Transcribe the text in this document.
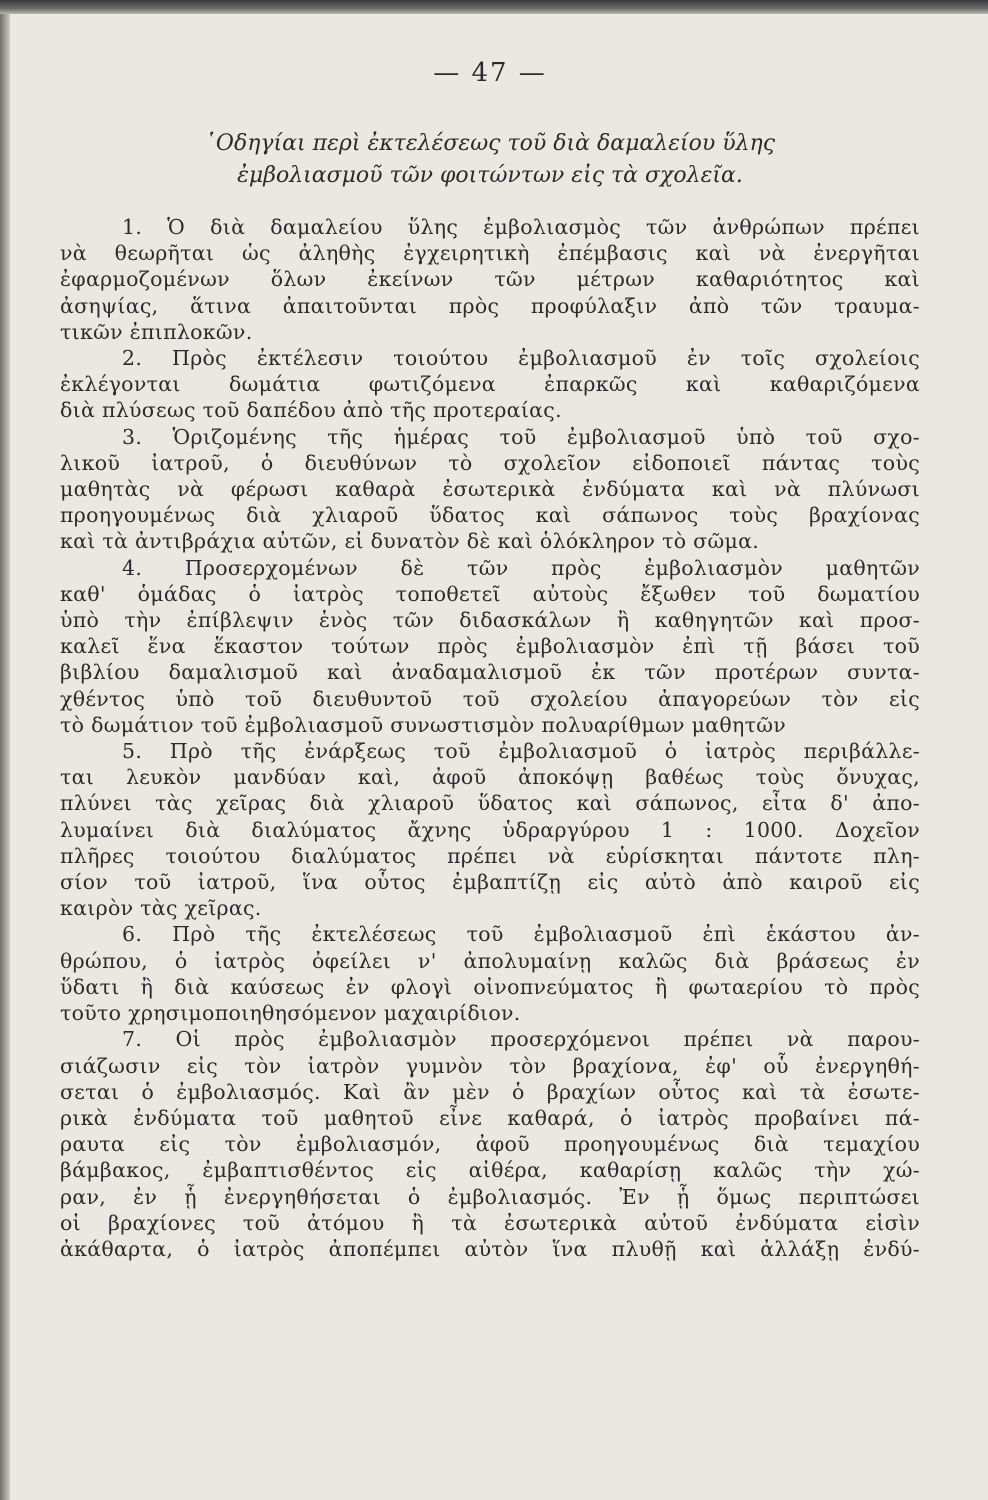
— 47 —
῾Οδηγίαι περὶ ἐκτελέσεως τοῦ διὰ δαμαλείου ὕλης
ἐμβολιασμοῦ τῶν φοιτώντων εἰς τὰ σχολεῖα.
1. Ὁ διὰ δαμαλείου ὕλης ἐμβολιασμὸς τῶν ἀνθρώπων πρέπει
νὰ θεωρῆται ὡς ἀληθὴς ἐγχειρητικὴ ἐπέμβασις καὶ νὰ ἐνεργῆται
ἐφαρμοζομένων ὅλων ἐκείνων τῶν μέτρων καθαριότητος καὶ
ἀσηψίας, ἅτινα ἀπαιτοῦνται πρὸς προφύλαξιν ἀπὸ τῶν τραυμα-
τικῶν ἐπιπλοκῶν.
2. Πρὸς ἐκτέλεσιν τοιούτου ἐμβολιασμοῦ ἐν τοῖς σχολείοις
ἐκλέγονται δωμάτια φωτιζόμενα ἐπαρκῶς καὶ καθαριζόμενα
διὰ πλύσεως τοῦ δαπέδου ἀπὸ τῆς προτεραίας.
3. Ὁριζομένης τῆς ἡμέρας τοῦ ἐμβολιασμοῦ ὑπὸ τοῦ σχο-
λικοῦ ἰατροῦ, ὁ διευθύνων τὸ σχολεῖον εἰδοποιεῖ πάντας τοὺς
μαθητὰς νὰ φέρωσι καθαρὰ ἐσωτερικὰ ἐνδύματα καὶ νὰ πλύνωσι
προηγουμένως διὰ χλιαροῦ ὕδατος καὶ σάπωνος τοὺς βραχίονας
καὶ τὰ ἀντιβράχια αὐτῶν, εἰ δυνατὸν δὲ καὶ ὁλόκληρον τὸ σῶμα.
4. Προσερχομένων δὲ τῶν πρὸς ἐμβολιασμὸν μαθητῶν
καθ' ὁμάδας ὁ ἰατρὸς τοποθετεῖ αὐτοὺς ἔξωθεν τοῦ δωματίου
ὑπὸ τὴν ἐπίβλεψιν ἑνὸς τῶν διδασκάλων ἢ καθηγητῶν καὶ προσ-
καλεῖ ἕνα ἕκαστον τούτων πρὸς ἐμβολιασμὸν ἐπὶ τῇ βάσει τοῦ
βιβλίου δαμαλισμοῦ καὶ ἀναδαμαλισμοῦ ἐκ τῶν προτέρων συντα-
χθέντος ὑπὸ τοῦ διευθυντοῦ τοῦ σχολείου ἀπαγορεύων τὸν εἰς
τὸ δωμάτιον τοῦ ἐμβολιασμοῦ συνωστισμὸν πολυαρίθμων μαθητῶν
5. Πρὸ τῆς ἐνάρξεως τοῦ ἐμβολιασμοῦ ὁ ἰατρὸς περιβάλλε-
ται λευκὸν μανδύαν καὶ, ἀφοῦ ἀποκόψῃ βαθέως τοὺς ὄνυχας,
πλύνει τὰς χεῖρας διὰ χλιαροῦ ὕδατος καὶ σάπωνος, εἶτα δ' ἀπο-
λυμαίνει διὰ διαλύματος ἄχνης ὑδραργύρου 1 : 1000. Δοχεῖον
πλῆρες τοιούτου διαλύματος πρέπει νὰ εὑρίσκηται πάντοτε πλη-
σίον τοῦ ἰατροῦ, ἵνα οὗτος ἐμβαπτίζῃ εἰς αὐτὸ ἀπὸ καιροῦ εἰς
καιρὸν τὰς χεῖρας.
6. Πρὸ τῆς ἐκτελέσεως τοῦ ἐμβολιασμοῦ ἐπὶ ἑκάστου ἀν-
θρώπου, ὁ ἰατρὸς ὀφείλει ν' ἀπολυμαίνῃ καλῶς διὰ βράσεως ἐν
ὕδατι ἢ διὰ καύσεως ἐν φλογὶ οἰνοπνεύματος ἢ φωταερίου τὸ πρὸς
τοῦτο χρησιμοποιηθησόμενον μαχαιρίδιον.
7. Οἱ πρὸς ἐμβολιασμὸν προσερχόμενοι πρέπει νὰ παρου-
σιάζωσιν εἰς τὸν ἰατρὸν γυμνὸν τὸν βραχίονα, ἐφ' οὗ ἐνεργηθή-
σεται ὁ ἐμβολιασμός. Καὶ ἂν μὲν ὁ βραχίων οὗτος καὶ τὰ ἐσωτε-
ρικὰ ἐνδύματα τοῦ μαθητοῦ εἶνε καθαρά, ὁ ἰατρὸς προβαίνει πά-
ραυτα εἰς τὸν ἐμβολιασμόν, ἀφοῦ προηγουμένως διὰ τεμαχίου
βάμβακος, ἐμβαπτισθέντος εἰς αἰθέρα, καθαρίσῃ καλῶς τὴν χώ-
ραν, ἐν ᾗ ἐνεργηθήσεται ὁ ἐμβολιασμός. Ἐν ᾗ ὅμως περιπτώσει
οἱ βραχίονες τοῦ ἀτόμου ἢ τὰ ἐσωτερικὰ αὐτοῦ ἐνδύματα εἰσὶν
ἀκάθαρτα, ὁ ἰατρὸς ἀποπέμπει αὐτὸν ἵνα πλυθῇ καὶ ἀλλάξῃ ἐνδύ-
